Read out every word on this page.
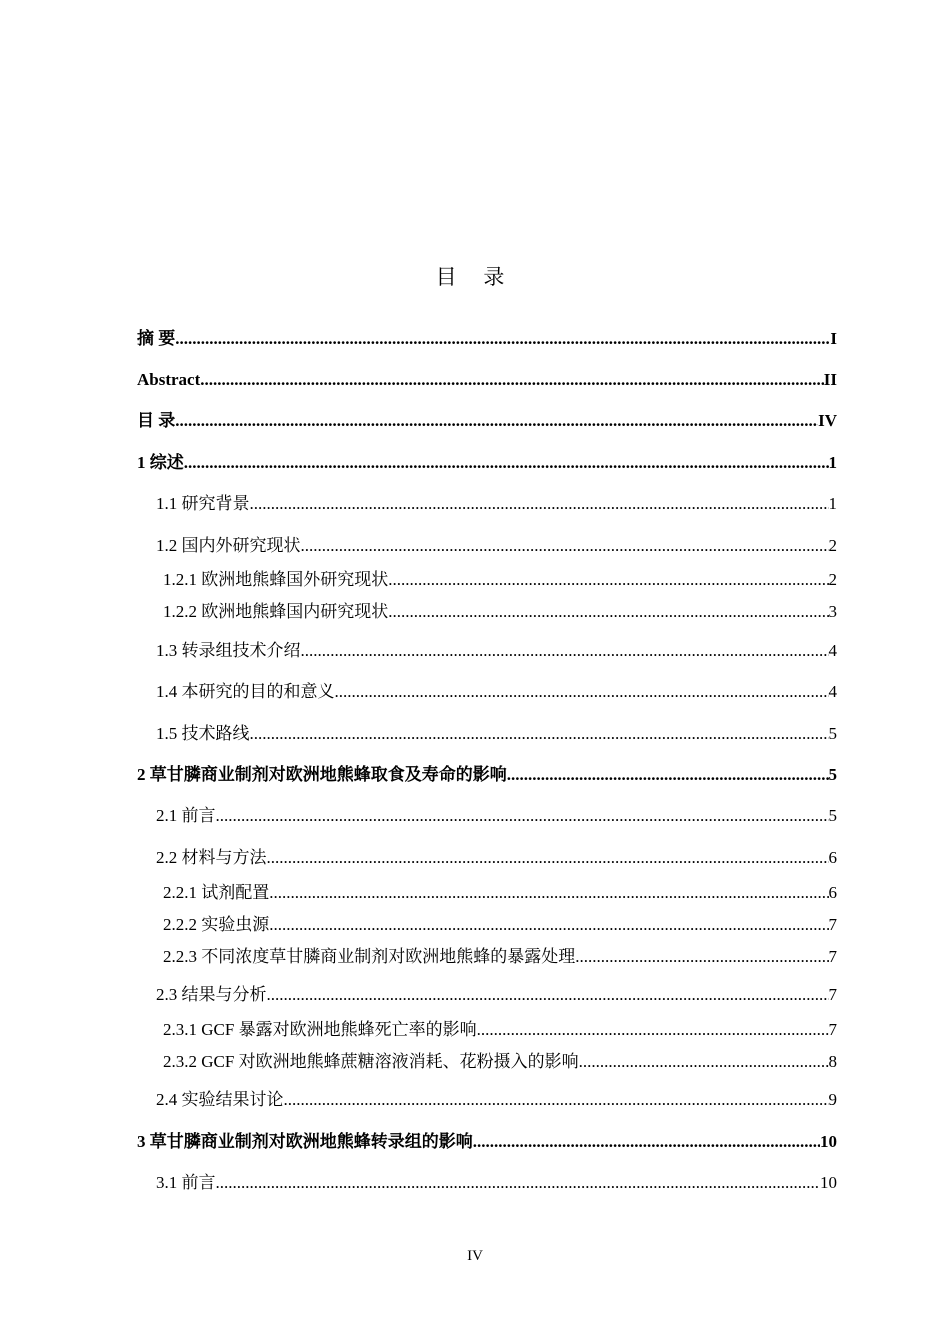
目 录
摘 要 .....	I
Abstract .....	II
目 录 .....	IV
1 综述 .....	1
1.1 研究背景 .....	1
1.2 国内外研究现状 .....	2
1.2.1 欧洲地熊蜂国外研究现状 .....	2
1.2.2 欧洲地熊蜂国内研究现状 .....	3
1.3 转录组技术介绍 .....	4
1.4 本研究的目的和意义 .....	4
1.5 技术路线 .....	5
2 草甘膦商业制剂对欧洲地熊蜂取食及寿命的影响 .....	5
2.1 前言 .....	5
2.2 材料与方法 .....	6
2.2.1 试剂配置 .....	6
2.2.2 实验虫源 .....	7
2.2.3 不同浓度草甘膦商业制剂对欧洲地熊蜂的暴露处理 .....	7
2.3 结果与分析 .....	7
2.3.1 GCF 暴露对欧洲地熊蜂死亡率的影响 .....	7
2.3.2 GCF 对欧洲地熊蜂蔗糖溶液消耗、花粉摄入的影响 .....	8
2.4 实验结果讨论 .....	9
3 草甘膦商业制剂对欧洲地熊蜂转录组的影响 .....	10
3.1 前言 .....	10
IV
